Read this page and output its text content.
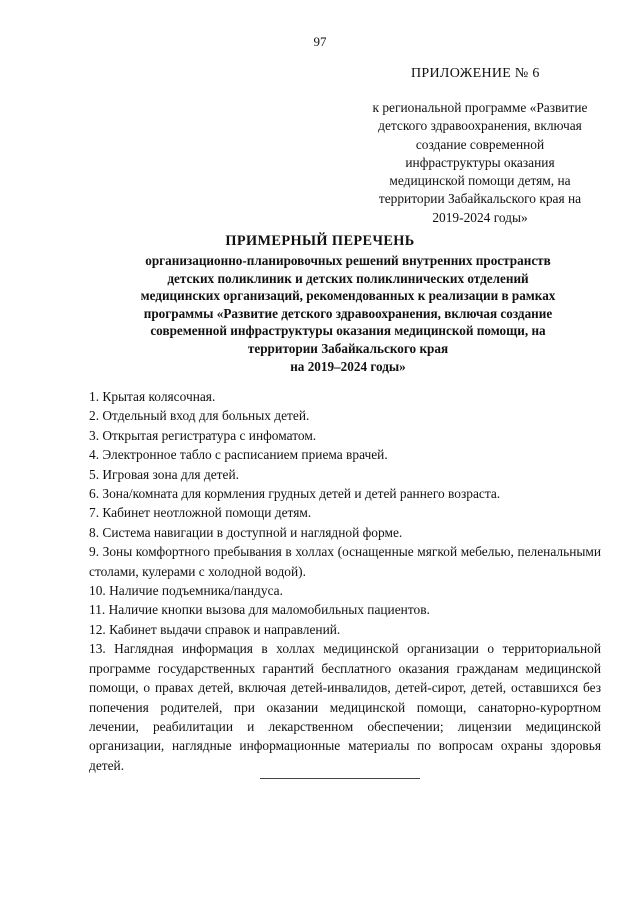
97
ПРИЛОЖЕНИЕ № 6
к региональной программе «Развитие
детского здравоохранения, включая
создание современной
инфраструктуры оказания
медицинской помощи детям, на
территории Забайкальского края на
2019-2024 годы»
ПРИМЕРНЫЙ ПЕРЕЧЕНЬ
организационно-планировочных решений внутренних пространств
детских поликлиник и детских поликлинических отделений
медицинских организаций, рекомендованных к реализации в рамках
программы «Развитие детского здравоохранения, включая создание
современной инфраструктуры оказания медицинской помощи, на
территории Забайкальского края
на 2019–2024 годы»
1. Крытая колясочная.
2. Отдельный вход для больных детей.
3. Открытая регистратура с инфоматом.
4. Электронное табло с расписанием приема врачей.
5. Игровая зона для детей.
6. Зона/комната для кормления грудных детей и детей раннего возраста.
7. Кабинет неотложной помощи детям.
8. Система навигации в доступной и наглядной форме.
9. Зоны комфортного пребывания в холлах (оснащенные мягкой мебелью, пеленальными столами, кулерами с холодной водой).
10. Наличие подъемника/пандуса.
11. Наличие кнопки вызова для маломобильных пациентов.
12. Кабинет выдачи справок и направлений.
13. Наглядная информация в холлах медицинской организации о территориальной программе государственных гарантий бесплатного оказания гражданам медицинской помощи, о правах детей, включая детей-инвалидов, детей-сирот, детей, оставшихся без попечения родителей, при оказании медицинской помощи, санаторно-курортном лечении, реабилитации и лекарственном обеспечении; лицензии медицинской организации, наглядные информационные материалы по вопросам охраны здоровья детей.
